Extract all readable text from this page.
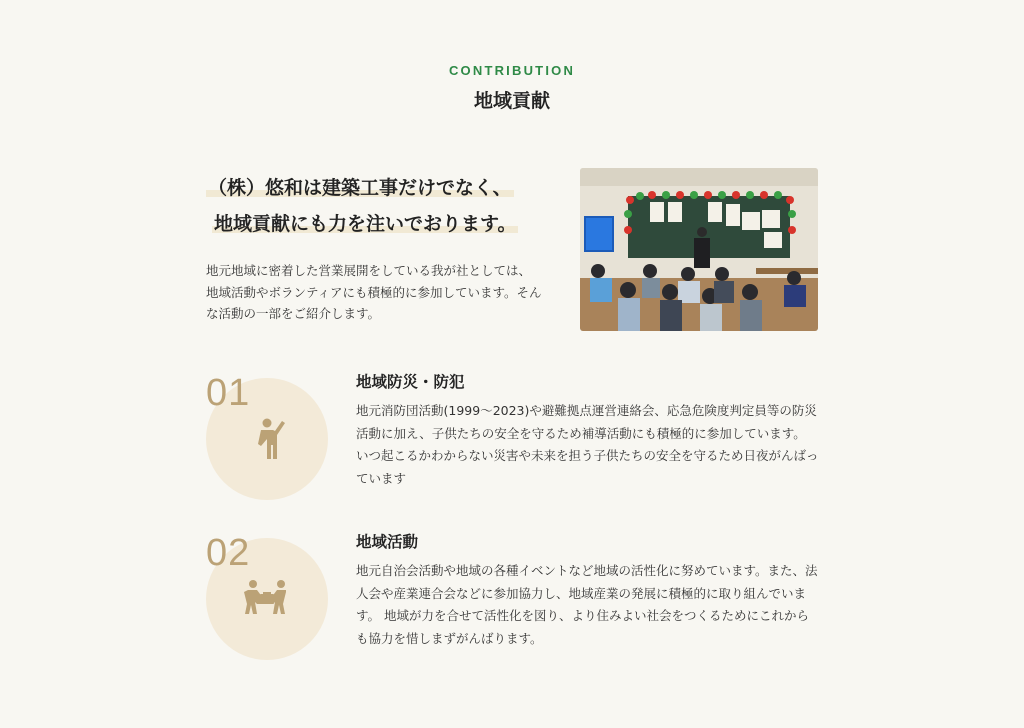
CONTRIBUTION
地域貢献
（株）悠和は建築工事だけでなく、
地域貢献にも力を注いでおります。

地元地域に密着した営業展開をしている我が社としては、 地域活動やボランティアにも積極的に参加しています。そんな活動の一部をご紹介します。

01	地域防災・防犯

地元消防団活動(1999～2023)や避難拠点運営連絡会、応急危険度判定員等の防災活動に加え、子供たちの安全を守るため補導活動にも積極的に参加しています。

いつ起こるかわからない災害や未来を担う子供たちの安全を守るため日夜がんばっています

02	地域活動

地元自治会活動や地域の各種イベントなど地域の活性化に努めています。また、法人会や産業連合会などに参加協力し、地域産業の発展に積極的に取り組んでいます。 地域が力を合せて活性化を図り、より住みよい社会をつくるためにこれからも協力を惜しまずがんばります。
